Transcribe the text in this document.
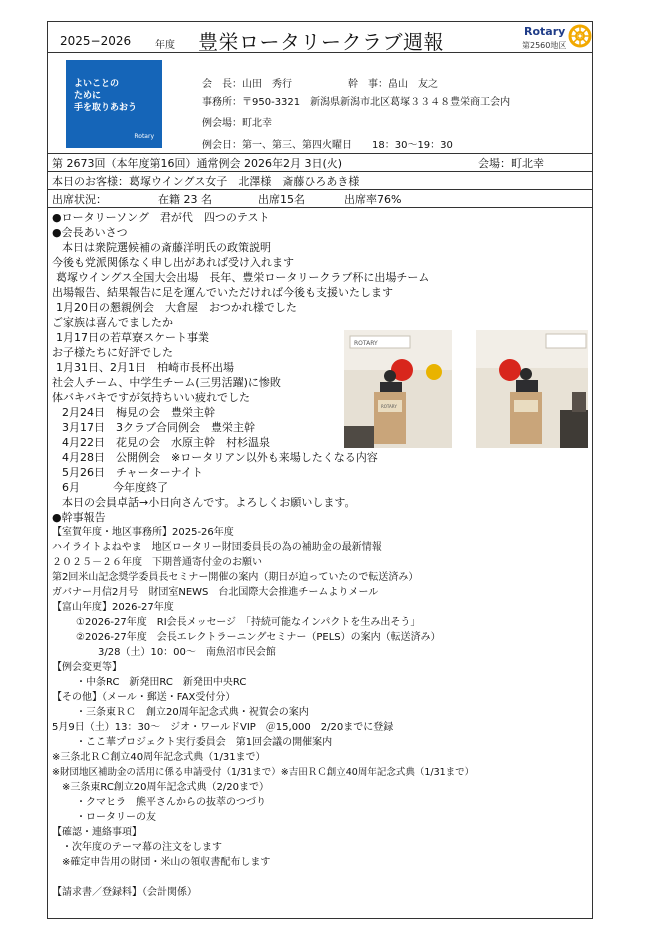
2025−2026 年度 豊栄ロータリークラブ週報	Rotary
第2560地区
よいことの
ために
手を取りあおう
Rotary
会　長：山田　秀行	幹　事：畠山　友之
事務所：〒950-3321　新潟県新潟市北区葛塚３３４８豊栄商工会内
例会場：町北幸
例会日：第一、第三、第四火曜日　　18：30～19：30
第 2673回（本年度第16回）通常例会 2026年2月 3日(火)	会場：町北幸
本日のお客様：葛塚ウイングス女子　北澤様　斎藤ひろあき様
出席状況：	在籍 23 名	出席15名	出席率76%
●ロータリーソング　君が代　四つのテスト
●会長あいさつ
本日は衆院選候補の斎藤洋明氏の政策説明
今後も党派関係なく申し出があれば受け入れます
葛塚ウイングス全国大会出場　長年、豊栄ロータリークラブ杯に出場チーム
出場報告、結果報告に足を運んでいただければ今後も支援いたします
1月20日の懇親例会　大倉屋　おつかれ様でした
ご家族は喜んでましたか
1月17日の若草寮スケート事業
お子様たちに好評でした
1月31日、2月1日　柏崎市長杯出場
社会人チーム、中学生チーム(三男活躍)に惨敗
体バキバキですが気持ちいい疲れでした
2月24日　梅見の会　豊栄主幹
3月17日　3クラブ合同例会　豊栄主幹
4月22日　花見の会　水原主幹　村杉温泉
4月28日　公開例会　※ロータリアン以外も来場したくなる内容
5月26日　チャーターナイト
6月　　　今年度終了
本日の会員卓話→小日向さんです。よろしくお願いします。
ROTARY
ROTARY
●幹事報告
【室賀年度・地区事務所】2025-26年度
ハイライトよねやま　地区ロータリー財団委員長の為の補助金の最新情報
２０２５－２６年度　下期普通寄付金のお願い
第2回米山記念奨学委員長セミナー開催の案内（期日が迫っていたので転送済み）
ガバナー月信2月号　財団室NEWS　台北国際大会推進チームよりメール
【富山年度】2026-27年度
①2026-27年度　RI会長メッセージ　「持続可能なインパクトを生み出そう」
②2026-27年度　会長エレクトラーニングセミナー（PELS）の案内（転送済み）
3/28（土）10：00～　南魚沼市民会館
【例会変更等】
・中条RC　新発田RC　新発田中央RC
【その他】（メール・郵送・FAX受付分）
・三条東ＲＣ　創立20周年記念式典・祝賀会の案内
5月9日（土）13：30～　ジオ・ワールドVIP　＠15,000　2/20までに登録
・ここ華プロジェクト実行委員会　第1回会議の開催案内
※三条北ＲＣ創立40周年記念式典（1/31まで）
※財団地区補助金の活用に係る申請受付（1/31まで）※吉田ＲＣ創立40周年記念式典（1/31まで）
※三条東RC創立20周年記念式典（2/20まで）
・クマヒラ　熊平さんからの抜萃のつづり
・ロータリーの友
【確認・連絡事項】
・次年度のテーマ幕の注文をします
※確定申告用の財団・米山の領収書配布します
【請求書／登録料】（会計関係）
